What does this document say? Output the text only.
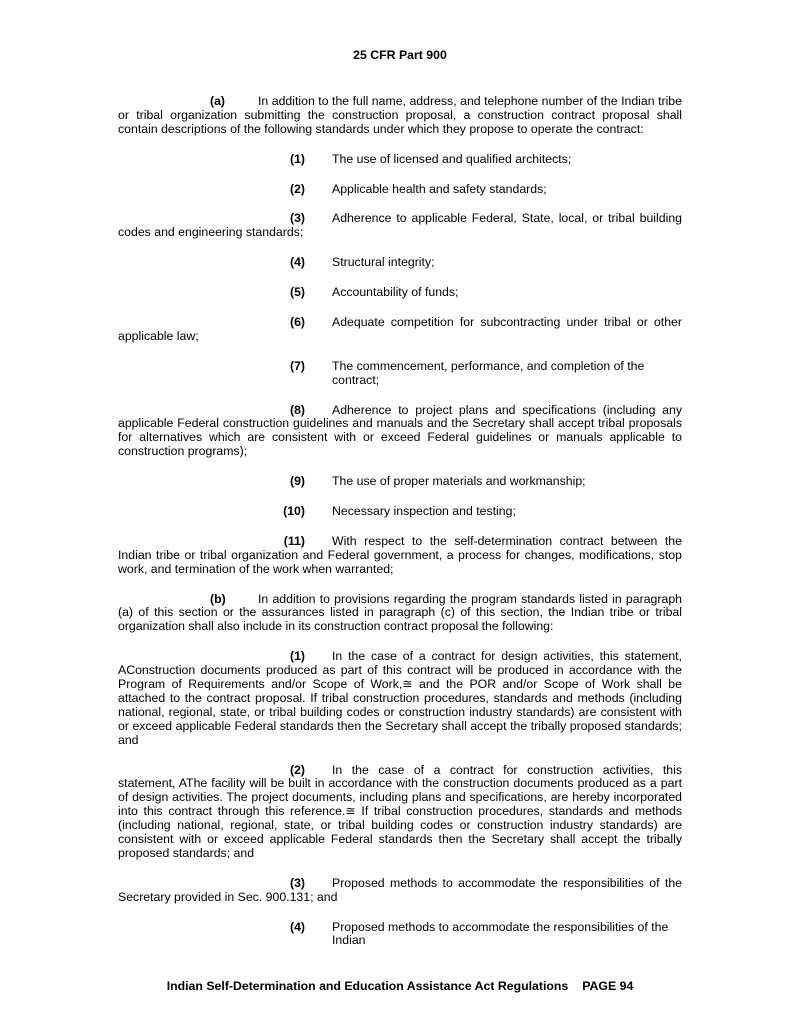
25 CFR Part 900

(a)	In addition to the full name, address, and telephone number of the Indian tribe or tribal organization submitting the construction proposal, a construction contract proposal shall contain descriptions of the following standards under which they propose to operate the contract:

(1)	The use of licensed and qualified architects;
(2)	Applicable health and safety standards;

(3) Adherence to applicable Federal, State, local, or tribal building codes and engineering standards;

(4)	Structural integrity;
(5)	Accountability of funds;

(6) Adequate competition for subcontracting under tribal or other applicable law;

(7)	The commencement, performance, and completion of the contract;

(8) Adherence to project plans and specifications (including any applicable Federal construction guidelines and manuals and the Secretary shall accept tribal proposals for alternatives which are consistent with or exceed Federal guidelines or manuals applicable to construction programs);

(9)	The use of proper materials and workmanship;
(10)	Necessary inspection and testing;

(11) With respect to the self-determination contract between the Indian tribe or tribal organization and Federal government, a process for changes, modifications, stop work, and termination of the work when warranted;

(b)	In addition to provisions regarding the program standards listed in paragraph (a) of this section or the assurances listed in paragraph (c) of this section, the Indian tribe or tribal organization shall also include in its construction contract proposal the following:

(1) In the case of a contract for design activities, this statement, AConstruction documents produced as part of this contract will be produced in accordance with the Program of Requirements and/or Scope of Work,≅ and the POR and/or Scope of Work shall be attached to the contract proposal. If tribal construction procedures, standards and methods (including national, regional, state, or tribal building codes or construction industry standards) are consistent with or exceed applicable Federal standards then the Secretary shall accept the tribally proposed standards; and

(2) In the case of a contract for construction activities, this statement, AThe facility will be built in accordance with the construction documents produced as a part of design activities. The project documents, including plans and specifications, are hereby incorporated into this contract through this reference.≅ If tribal construction procedures, standards and methods (including national, regional, state, or tribal building codes or construction industry standards) are consistent with or exceed applicable Federal standards then the Secretary shall accept the tribally proposed standards; and

(3) Proposed methods to accommodate the responsibilities of the Secretary provided in Sec. 900.131; and

(4)	Proposed methods to accommodate the responsibilities of the Indian
Indian Self-Determination and Education Assistance Act Regulations PAGE 94
